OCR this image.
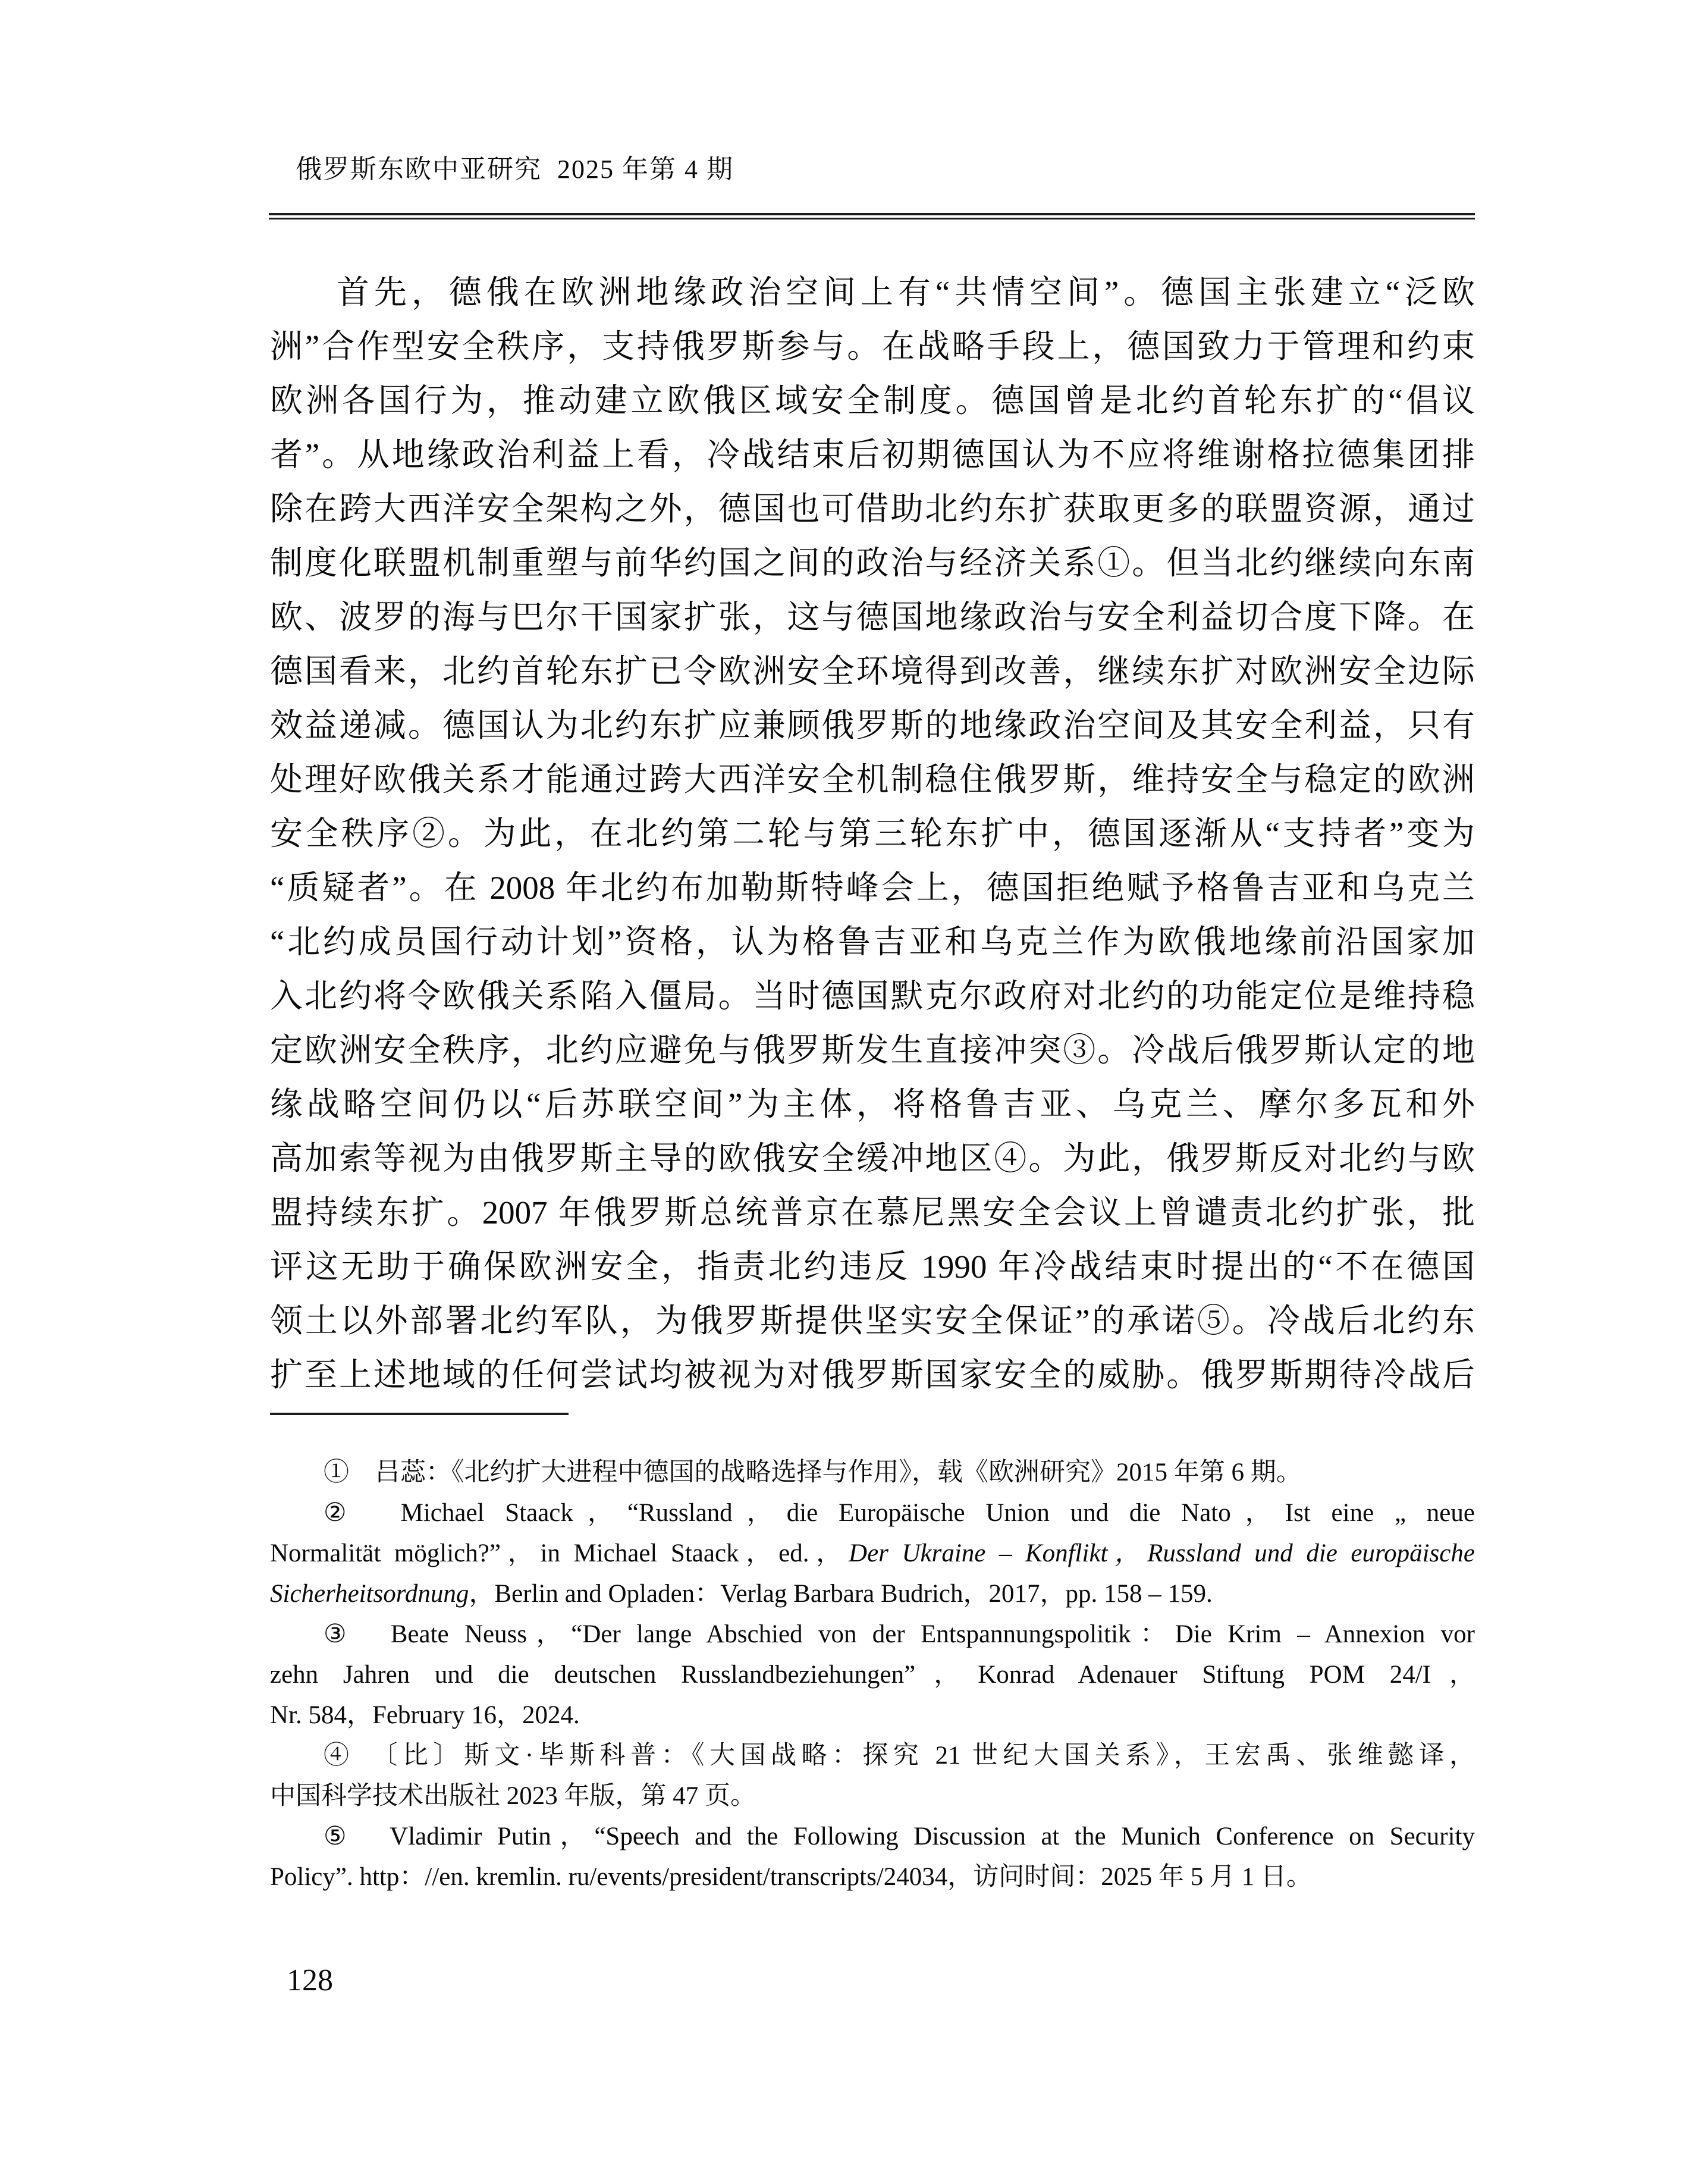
俄罗斯东欧中亚研究 2025 年第 4 期
首先，德俄在欧洲地缘政治空间上有“共情空间”。德国主张建立“泛欧
洲”合作型安全秩序，支持俄罗斯参与。在战略手段上，德国致力于管理和约束
欧洲各国行为，推动建立欧俄区域安全制度。德国曾是北约首轮东扩的“倡议
者”。从地缘政治利益上看，冷战结束后初期德国认为不应将维谢格拉德集团排
除在跨大西洋安全架构之外，德国也可借助北约东扩获取更多的联盟资源，通过
制度化联盟机制重塑与前华约国之间的政治与经济关系①。但当北约继续向东南
欧、波罗的海与巴尔干国家扩张，这与德国地缘政治与安全利益切合度下降。在
德国看来，北约首轮东扩已令欧洲安全环境得到改善，继续东扩对欧洲安全边际
效益递减。德国认为北约东扩应兼顾俄罗斯的地缘政治空间及其安全利益，只有
处理好欧俄关系才能通过跨大西洋安全机制稳住俄罗斯，维持安全与稳定的欧洲
安全秩序②。为此，在北约第二轮与第三轮东扩中，德国逐渐从“支持者”变为
“质疑者”。在 2008 年北约布加勒斯特峰会上，德国拒绝赋予格鲁吉亚和乌克兰
“北约成员国行动计划”资格，认为格鲁吉亚和乌克兰作为欧俄地缘前沿国家加
入北约将令欧俄关系陷入僵局。当时德国默克尔政府对北约的功能定位是维持稳
定欧洲安全秩序，北约应避免与俄罗斯发生直接冲突③。冷战后俄罗斯认定的地
缘战略空间仍以“后苏联空间”为主体，将格鲁吉亚、乌克兰、摩尔多瓦和外
高加索等视为由俄罗斯主导的欧俄安全缓冲地区④。为此，俄罗斯反对北约与欧
盟持续东扩。2007 年俄罗斯总统普京在慕尼黑安全会议上曾谴责北约扩张，批
评这无助于确保欧洲安全，指责北约违反 1990 年冷战结束时提出的“不在德国
领土以外部署北约军队，为俄罗斯提供坚实安全保证”的承诺⑤。冷战后北约东
扩至上述地域的任何尝试均被视为对俄罗斯国家安全的威胁。俄罗斯期待冷战后
①　吕蕊：《北约扩大进程中德国的战略选择与作用》，载《欧洲研究》2015 年第 6 期。
②　Michael Staack，“Russland，die Europäische Union und die Nato，Ist eine „ neue
Normalität möglich?”，in Michael Staack，ed.，Der Ukraine – Konflikt，Russland und die europäische
Sicherheitsordnung，Berlin and Opladen：Verlag Barbara Budrich，2017，pp. 158 – 159.
③　Beate Neuss，“Der lange Abschied von der Entspannungspolitik：Die Krim – Annexion vor
zehn Jahren und die deutschen Russlandbeziehungen”，Konrad Adenauer Stiftung POM 24/I，
Nr. 584，February 16，2024.
④　〔比〕斯文·毕斯科普：《大国战略：探究 21 世纪大国关系》，王宏禹、张维懿译，
中国科学技术出版社 2023 年版，第 47 页。
⑤　Vladimir Putin，“Speech and the Following Discussion at the Munich Conference on Security
Policy”. http：//en. kremlin. ru/events/president/transcripts/24034，访问时间：2025 年 5 月 1 日。
128
